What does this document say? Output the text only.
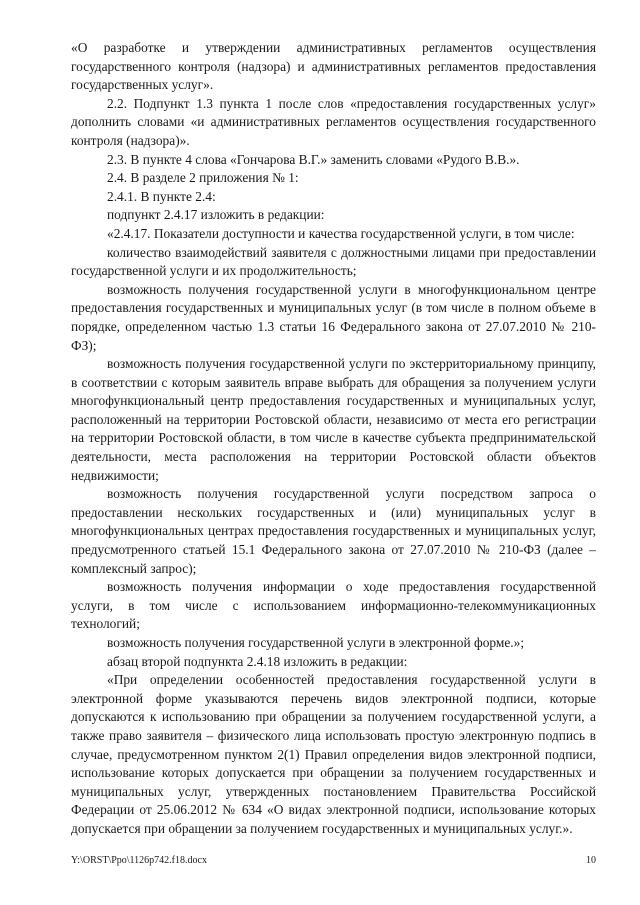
«О разработке и утверждении административных регламентов осуществления государственного контроля (надзора) и административных регламентов предоставления государственных услуг».

2.2. Подпункт 1.3 пункта 1 после слов «предоставления государственных услуг» дополнить словами «и административных регламентов осуществления государственного контроля (надзора)».

2.3. В пункте 4 слова «Гончарова В.Г.» заменить словами «Рудого В.В.».

2.4. В разделе 2 приложения № 1:

2.4.1. В пункте 2.4:

подпункт 2.4.17 изложить в редакции:

«2.4.17. Показатели доступности и качества государственной услуги, в том числе:

количество взаимодействий заявителя с должностными лицами при предоставлении государственной услуги и их продолжительность;

возможность получения государственной услуги в многофункциональном центре предоставления государственных и муниципальных услуг (в том числе в полном объеме в порядке, определенном частью 1.3 статьи 16 Федерального закона от 27.07.2010 № 210-ФЗ);

возможность получения государственной услуги по экстерриториальному принципу, в соответствии с которым заявитель вправе выбрать для обращения за получением услуги многофункциональный центр предоставления государственных и муниципальных услуг, расположенный на территории Ростовской области, независимо от места его регистрации на территории Ростовской области, в том числе в качестве субъекта предпринимательской деятельности, места расположения на территории Ростовской области объектов недвижимости;

возможность получения государственной услуги посредством запроса о предоставлении нескольких государственных и (или) муниципальных услуг в многофункциональных центрах предоставления государственных и муниципальных услуг, предусмотренного статьей 15.1 Федерального закона от 27.07.2010 № 210-ФЗ (далее – комплексный запрос);

возможность получения информации о ходе предоставления государственной услуги, в том числе с использованием информационно-телекоммуникационных технологий;

возможность получения государственной услуги в электронной форме.»;

абзац второй подпункта 2.4.18 изложить в редакции:

«При определении особенностей предоставления государственной услуги в электронной форме указываются перечень видов электронной подписи, которые допускаются к использованию при обращении за получением государственной услуги, а также право заявителя – физического лица использовать простую электронную подпись в случае, предусмотренном пунктом 2(1) Правил определения видов электронной подписи, использование которых допускается при обращении за получением государственных и муниципальных услуг, утвержденных постановлением Правительства Российской Федерации от 25.06.2012 № 634 «О видах электронной подписи, использование которых допускается при обращении за получением государственных и муниципальных услуг.».

Y:\ORST\Ppo\1126p742.f18.docx	10
